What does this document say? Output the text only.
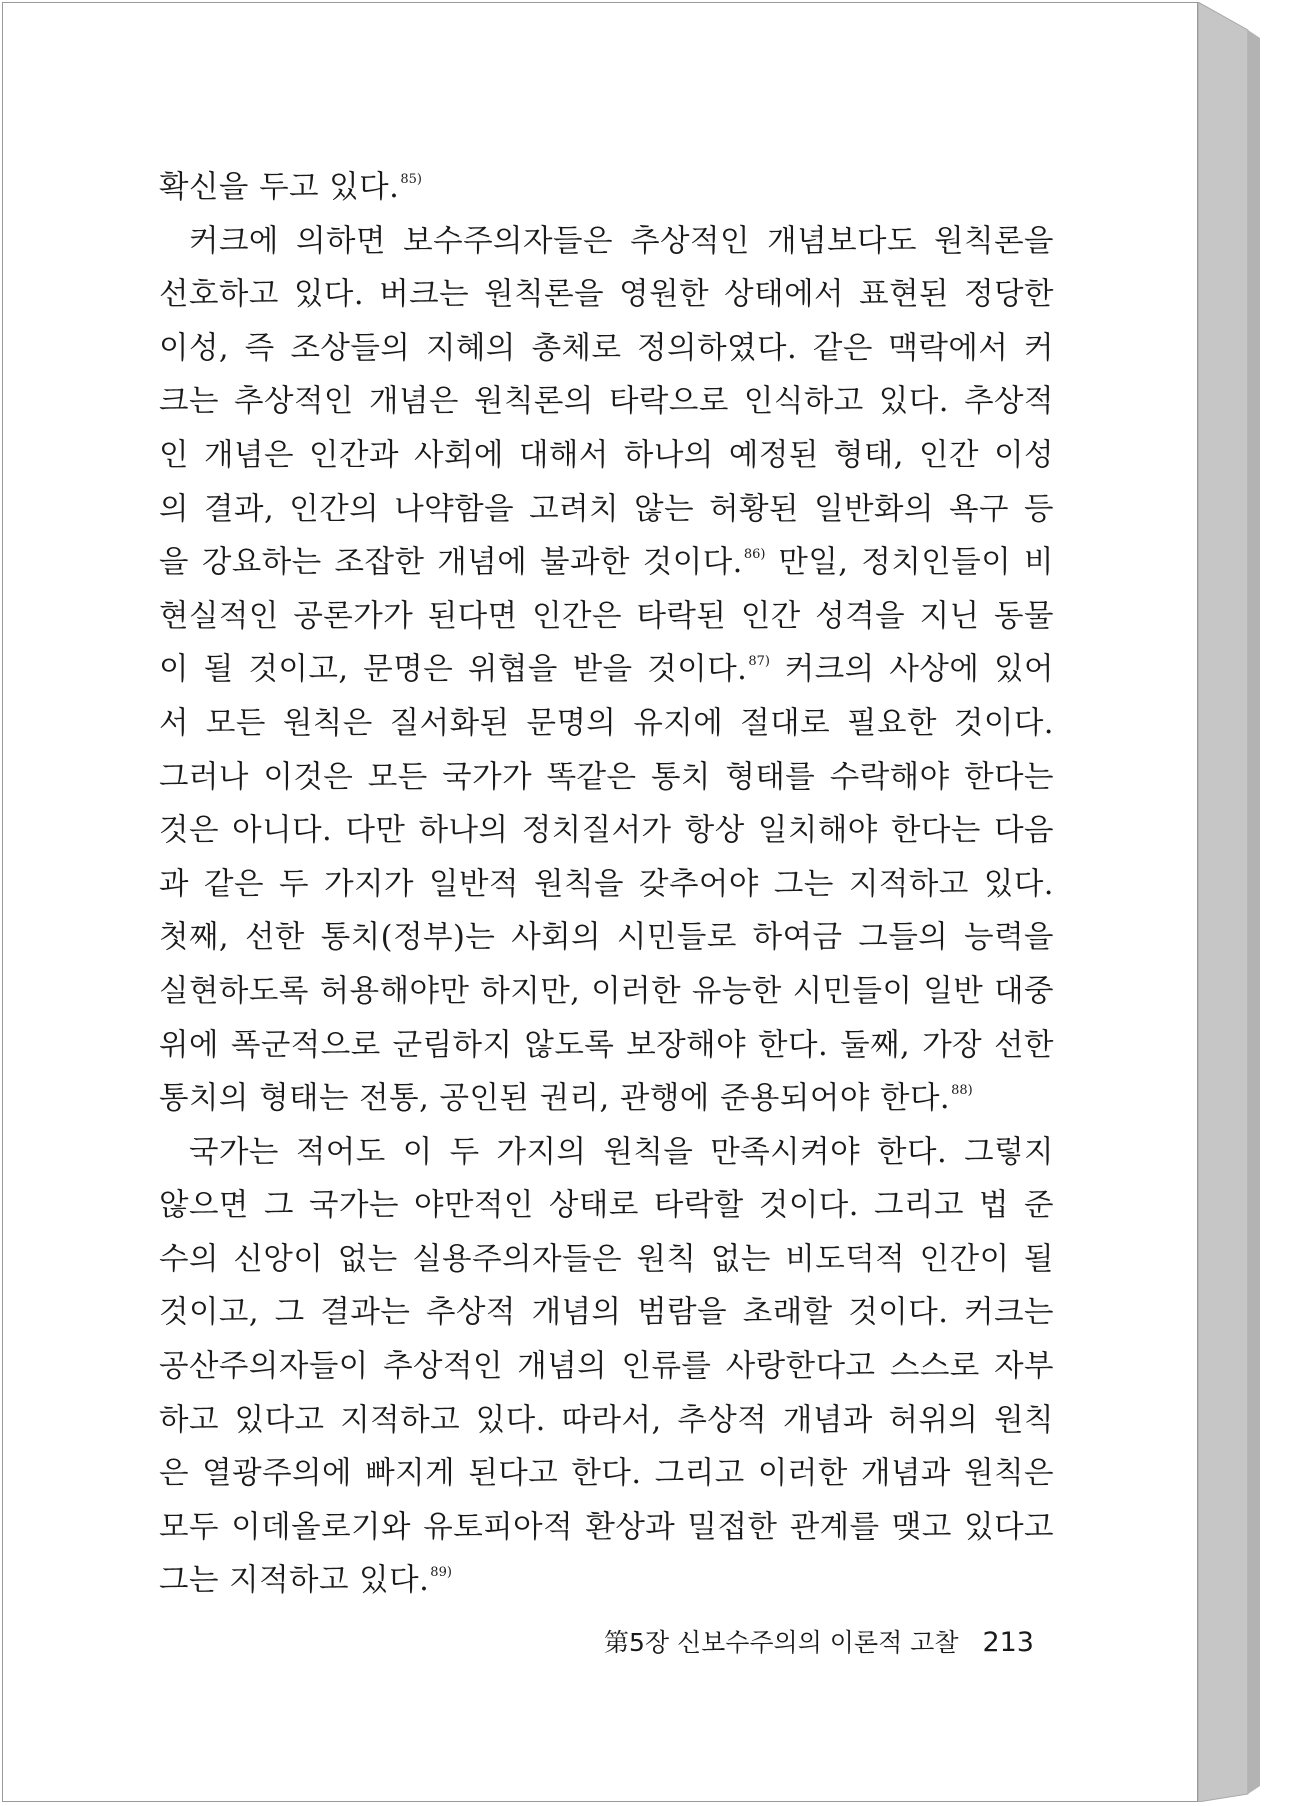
확신을 두고 있다.$^{85)}$
커크에 의하면 보수주의자들은 추상적인 개념보다도 원칙론을
선호하고 있다. 버크는 원칙론을 영원한 상태에서 표현된 정당한
이성, 즉 조상들의 지혜의 총체로 정의하였다. 같은 맥락에서 커
크는 추상적인 개념은 원칙론의 타락으로 인식하고 있다. 추상적
인 개념은 인간과 사회에 대해서 하나의 예정된 형태, 인간 이성
의 결과, 인간의 나약함을 고려치 않는 허황된 일반화의 욕구 등
을 강요하는 조잡한 개념에 불과한 것이다.$^{86)}$ 만일, 정치인들이 비
현실적인 공론가가 된다면 인간은 타락된 인간 성격을 지닌 동물
이 될 것이고, 문명은 위협을 받을 것이다.$^{87)}$ 커크의 사상에 있어
서 모든 원칙은 질서화된 문명의 유지에 절대로 필요한 것이다.
그러나 이것은 모든 국가가 똑같은 통치 형태를 수락해야 한다는
것은 아니다. 다만 하나의 정치질서가 항상 일치해야 한다는 다음
과 같은 두 가지가 일반적 원칙을 갖추어야 그는 지적하고 있다.
첫째, 선한 통치(정부)는 사회의 시민들로 하여금 그들의 능력을
실현하도록 허용해야만 하지만, 이러한 유능한 시민들이 일반 대중
위에 폭군적으로 군림하지 않도록 보장해야 한다. 둘째, 가장 선한
통치의 형태는 전통, 공인된 권리, 관행에 준용되어야 한다.$^{88)}$
국가는 적어도 이 두 가지의 원칙을 만족시켜야 한다. 그렇지
않으면 그 국가는 야만적인 상태로 타락할 것이다. 그리고 법 준
수의 신앙이 없는 실용주의자들은 원칙 없는 비도덕적 인간이 될
것이고, 그 결과는 추상적 개념의 범람을 초래할 것이다. 커크는
공산주의자들이 추상적인 개념의 인류를 사랑한다고 스스로 자부
하고 있다고 지적하고 있다. 따라서, 추상적 개념과 허위의 원칙
은 열광주의에 빠지게 된다고 한다. 그리고 이러한 개념과 원칙은
모두 이데올로기와 유토피아적 환상과 밀접한 관계를 맺고 있다고
그는 지적하고 있다.$^{89)}$
第5장 신보수주의의 이론적 고찰 213
